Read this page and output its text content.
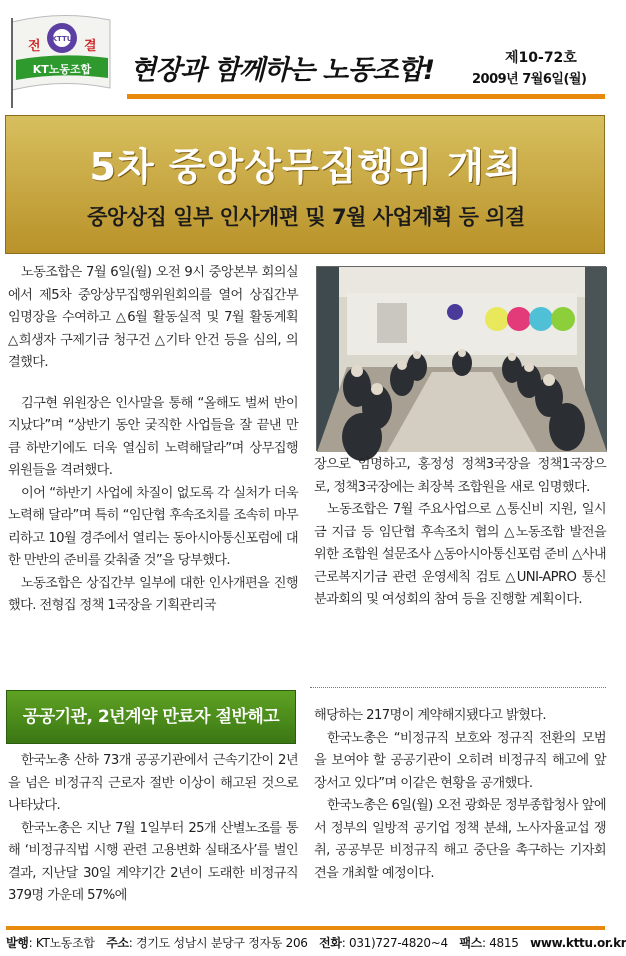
KTTU
전	결
KT노동조합 현장과 함께하는 노동조합!	제10-72호
2009년 7월6일(월)
5차 중앙상무집행위 개최
중앙상집 일부 인사개편 및 7월 사업계획 등 의결

노동조합은 7월 6일(월) 오전 9시 중앙본부 회의실에서 제5차 중앙상무집행위원회의를 열어 상집간부 임명장을 수여하고 △6월 활동실적 및 7월 활동계획 △희생자 구제기금 청구건 △기타 안건 등을 심의, 의결했다.

김구현 위원장은 인사말을 통해 “올해도 벌써 반이 지났다”며 “상반기 동안 궂직한 사업들을 잘 끝낸 만큼 하반기에도 더욱 열심히 노력해달라”며 상무집행위원들을 격려했다.

이어 “하반기 사업에 차질이 없도록 각 실처가 더욱 노력해 달라”며 특히 “임단협 후속조치를 조속히 마무리하고 10월 경주에서 열리는 동아시아통신포럼에 대한 만반의 준비를 갖춰줄 것”을 당부했다.

노동조합은 상집간부 일부에 대한 인사개편을 진행했다. 전형집 정책 1국장을 기획관리국

장으로 임명하고, 홍정성 정책3국장을 정책1국장으로, 정책3국장에는 최장복 조합원을 새로 임명했다.

노동조합은 7월 주요사업으로 △통신비 지원, 일시금 지급 등 임단협 후속조치 협의 △노동조합 발전을 위한 조합원 설문조사 △동아시아통신포럼 준비 △사내근로복지기금 관련 운영세칙 검토 △UNI-APRO 통신분과회의 및 여성회의 참여 등을 진행할 계획이다.

공공기관, 2년계약 만료자 절반해고

한국노총 산하 73개 공공기관에서 근속기간이 2년을 넘은 비정규직 근로자 절반 이상이 해고된 것으로 나타났다.

한국노총은 지난 7월 1일부터 25개 산별노조를 통해 ‘비정규직법 시행 관련 고용변화 실태조사’를 벌인 결과, 지난달 30일 계약기간 2년이 도래한 비정규직 379명 가운데 57%에

해당하는 217명이 계약해지됐다고 밝혔다.

한국노총은 “비정규직 보호와 정규직 전환의 모범을 보여야 할 공공기관이 오히려 비정규직 해고에 앞장서고 있다”며 이같은 현황을 공개했다.

한국노총은 6일(월) 오전 광화문 정부종합청사 앞에서 정부의 일방적 공기업 정책 분쇄, 노사자율교섭 쟁취, 공공부문 비정규직 해고 중단을 촉구하는 기자회견을 개최할 예정이다.

발행: KT노동조합 주소: 경기도 성남시 분당구 정자동 206 전화: 031)727-4820~4 팩스: 4815 www.kttu.or.kr
